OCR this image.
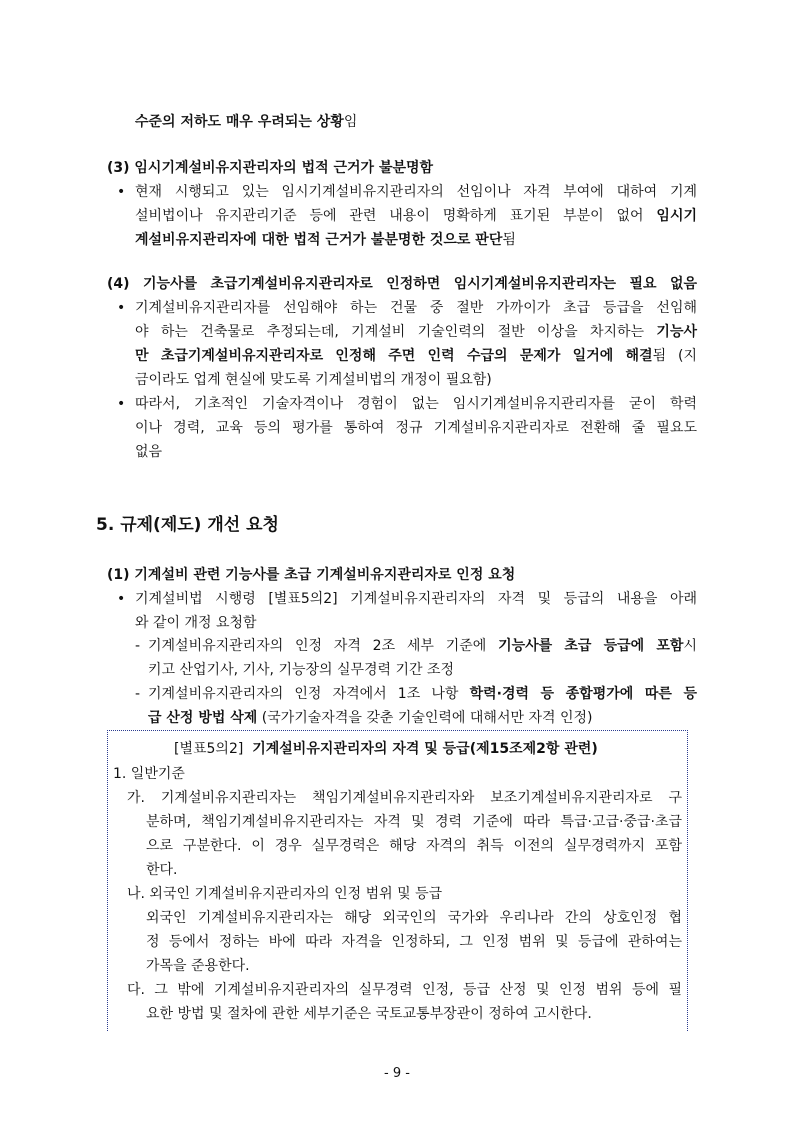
수준의 저하도 매우 우려되는 상황임
(3) 임시기계설비유지관리자의 법적 근거가 불분명함
• 현재 시행되고 있는 임시기계설비유지관리자의 선임이나 자격 부여에 대하여 기계
설비법이나 유지관리기준 등에 관련 내용이 명확하게 표기된 부분이 없어 임시기
계설비유지관리자에 대한 법적 근거가 불분명한 것으로 판단됨
(4) 기능사를 초급기계설비유지관리자로 인정하면 임시기계설비유지관리자는 필요 없음
• 기계설비유지관리자를 선임해야 하는 건물 중 절반 가까이가 초급 등급을 선임해
야 하는 건축물로 추정되는데, 기계설비 기술인력의 절반 이상을 차지하는 기능사
만 초급기계설비유지관리자로 인정해 주면 인력 수급의 문제가 일거에 해결됨 (지
금이라도 업계 현실에 맞도록 기계설비법의 개정이 필요함)
• 따라서, 기초적인 기술자격이나 경험이 없는 임시기계설비유지관리자를 굳이 학력
이나 경력, 교육 등의 평가를 통하여 정규 기계설비유지관리자로 전환해 줄 필요도
없음
5. 규제(제도) 개선 요청
(1) 기계설비 관련 기능사를 초급 기계설비유지관리자로 인정 요청
• 기계설비법 시행령 [별표5의2] 기계설비유지관리자의 자격 및 등급의 내용을 아래
와 같이 개정 요청함
- 기계설비유지관리자의 인정 자격 2조 세부 기준에 기능사를 초급 등급에 포함시
키고 산업기사, 기사, 기능장의 실무경력 기간 조정
- 기계설비유지관리자의 인정 자격에서 1조 나항 학력·경력 등 종합평가에 따른 등
급 산정 방법 삭제 (국가기술자격을 갖춘 기술인력에 대해서만 자격 인정)
[별표5의2] 기계설비유지관리자의 자격 및 등급(제15조제2항 관련)
1. 일반기준
가. 기계설비유지관리자는 책임기계설비유지관리자와 보조기계설비유지관리자로 구
분하며, 책임기계설비유지관리자는 자격 및 경력 기준에 따라 특급·고급·중급·초급
으로 구분한다. 이 경우 실무경력은 해당 자격의 취득 이전의 실무경력까지 포함
한다.
나. 외국인 기계설비유지관리자의 인정 범위 및 등급
외국인 기계설비유지관리자는 해당 외국인의 국가와 우리나라 간의 상호인정 협
정 등에서 정하는 바에 따라 자격을 인정하되, 그 인정 범위 및 등급에 관하여는
가목을 준용한다.
다. 그 밖에 기계설비유지관리자의 실무경력 인정, 등급 산정 및 인정 범위 등에 필
요한 방법 및 절차에 관한 세부기준은 국토교통부장관이 정하여 고시한다.
- 9 -
